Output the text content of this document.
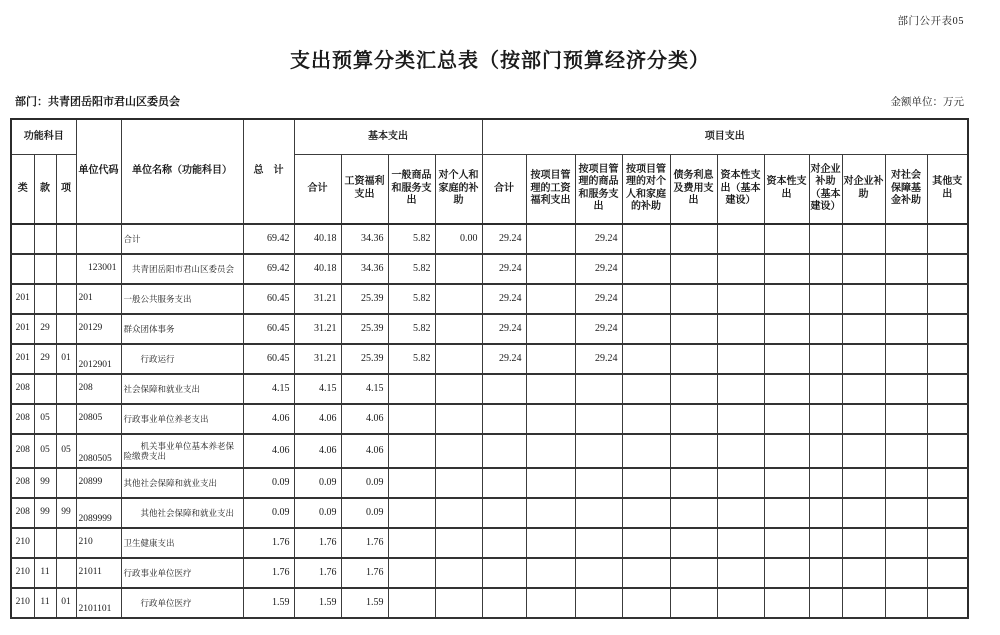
部门公开表05
支出预算分类汇总表（按部门预算经济分类）
部门：共青团岳阳市君山区委员会	金额单位：万元
功能科目			单位代码	单位名称（功能科目）	总　计	基本支出				项目支出										
类	款	项				合计	工资福利支出	一般商品和服务支出	对个人和家庭的补助	合计	按项目管理的工资福利支出	按项目管理的商品和服务支出	按项目管理的对个人和家庭的补助	债务利息及费用支出	资本性支出（基本建设）	资本性支出	对企业补助（基本建设）	对企业补助	对社会保障基金补助	其他支出
				合计	69.42	40.18	34.36	5.82	0.00	29.24		29.24								
			123001	共青团岳阳市君山区委员会	69.42	40.18	34.36	5.82		29.24		29.24								
201			201	一般公共服务支出	60.45	31.21	25.39	5.82		29.24		29.24								
201	29		20129	群众团体事务	60.45	31.21	25.39	5.82		29.24		29.24								
201	29	01	2012901	行政运行	60.45	31.21	25.39	5.82		29.24		29.24								
208			208	社会保障和就业支出	4.15	4.15	4.15													
208	05		20805	行政事业单位养老支出	4.06	4.06	4.06													
208	05	05	2080505	机关事业单位基本养老保险缴费支出	4.06	4.06	4.06													
208	99		20899	其他社会保障和就业支出	0.09	0.09	0.09													
208	99	99	2089999	其他社会保障和就业支出	0.09	0.09	0.09													
210			210	卫生健康支出	1.76	1.76	1.76													
210	11		21011	行政事业单位医疗	1.76	1.76	1.76													
210	11	01	2101101	行政单位医疗	1.59	1.59	1.59													
